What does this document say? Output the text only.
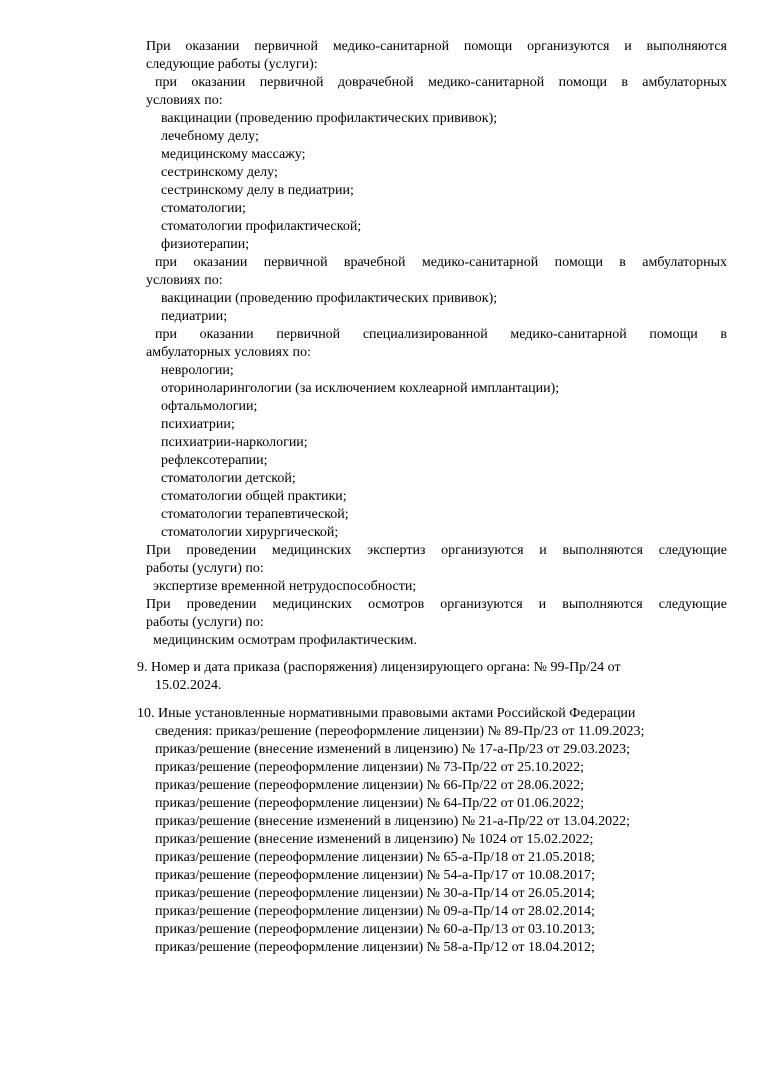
При оказании первичной медико-санитарной помощи организуются и выполняются
следующие работы (услуги):
при оказании первичной доврачебной медико-санитарной помощи в амбулаторных
условиях по:
вакцинации (проведению профилактических прививок);
лечебному делу;
медицинскому массажу;
сестринскому делу;
сестринскому делу в педиатрии;
стоматологии;
стоматологии профилактической;
физиотерапии;
при оказании первичной врачебной медико-санитарной помощи в амбулаторных
условиях по:
вакцинации (проведению профилактических прививок);
педиатрии;
при оказании первичной специализированной медико-санитарной помощи в
амбулаторных условиях по:
неврологии;
оториноларингологии (за исключением кохлеарной имплантации);
офтальмологии;
психиатрии;
психиатрии-наркологии;
рефлексотерапии;
стоматологии детской;
стоматологии общей практики;
стоматологии терапевтической;
стоматологии хирургической;
При проведении медицинских экспертиз организуются и выполняются следующие
работы (услуги) по:
экспертизе временной нетрудоспособности;
При проведении медицинских осмотров организуются и выполняются следующие
работы (услуги) по:
медицинским осмотрам профилактическим.
9. Номер и дата приказа (распоряжения) лицензирующего органа: № 99-Пр/24 от
15.02.2024.
10. Иные установленные нормативными правовыми актами Российской Федерации
сведения: приказ/решение (переоформление лицензии) № 89-Пр/23 от 11.09.2023;
приказ/решение (внесение изменений в лицензию) № 17-а-Пр/23 от 29.03.2023;
приказ/решение (переоформление лицензии) № 73-Пр/22 от 25.10.2022;
приказ/решение (переоформление лицензии) № 66-Пр/22 от 28.06.2022;
приказ/решение (переоформление лицензии) № 64-Пр/22 от 01.06.2022;
приказ/решение (внесение изменений в лицензию) № 21-а-Пр/22 от 13.04.2022;
приказ/решение (внесение изменений в лицензию) № 1024 от 15.02.2022;
приказ/решение (переоформление лицензии) № 65-а-Пр/18 от 21.05.2018;
приказ/решение (переоформление лицензии) № 54-а-Пр/17 от 10.08.2017;
приказ/решение (переоформление лицензии) № 30-а-Пр/14 от 26.05.2014;
приказ/решение (переоформление лицензии) № 09-а-Пр/14 от 28.02.2014;
приказ/решение (переоформление лицензии) № 60-а-Пр/13 от 03.10.2013;
приказ/решение (переоформление лицензии) № 58-а-Пр/12 от 18.04.2012;
